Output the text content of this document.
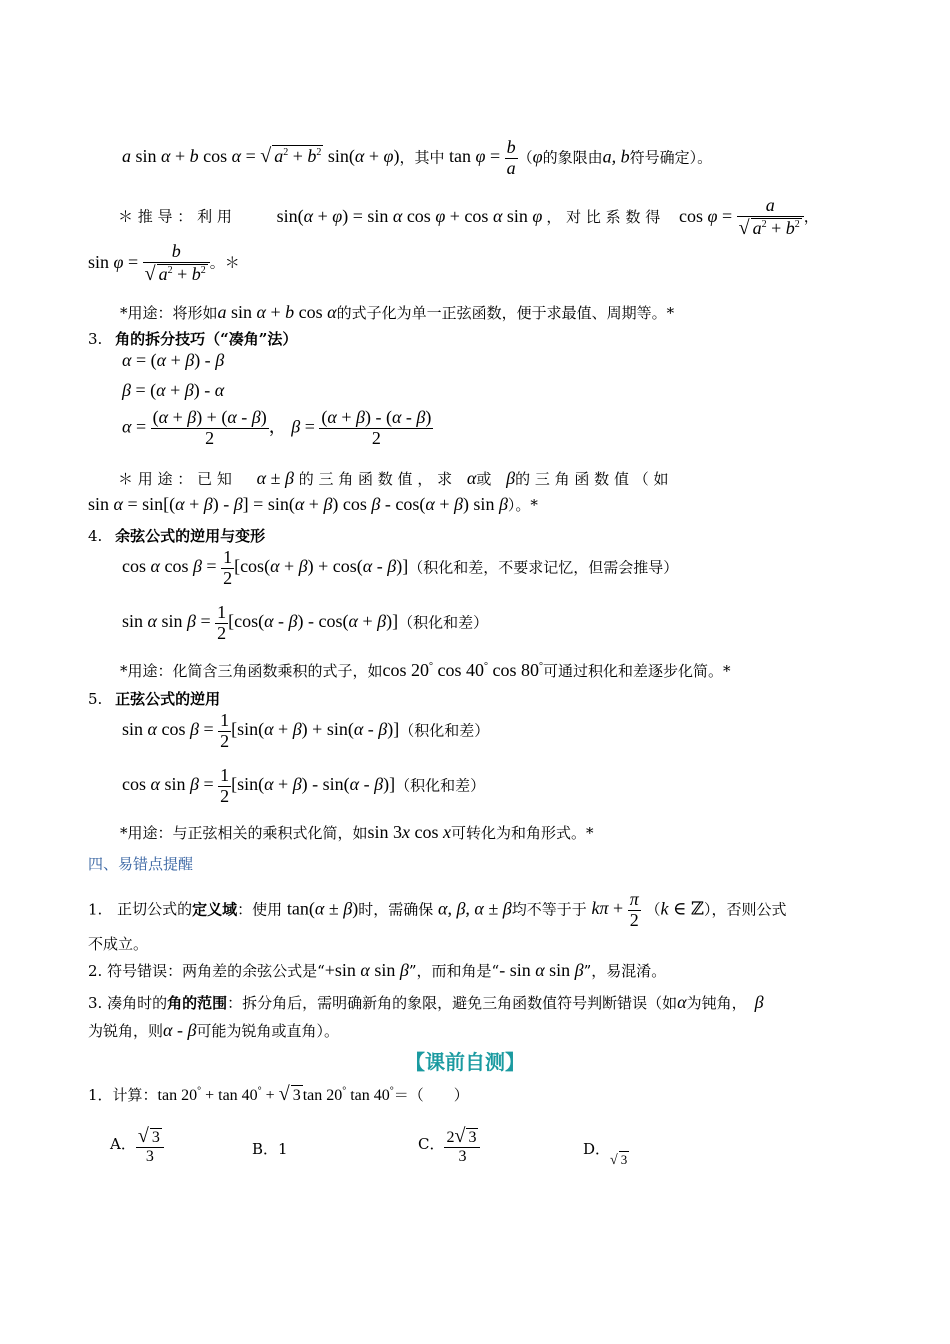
a sin α + b cos α = √ $a^2 + b^2$ sin(α + φ)，其中 $\tan \varphi = \frac{b}{a} (\varphi$的象限由a, b符号确定）。
＊ 推 导 ： 利 用 sin(α + φ) = sin α cos φ + cos α sin φ ， 对 比 系 数 得 $\cos \varphi = \frac{a}{√ a^2 + b^2}$ ，
$\sin \varphi = \frac{b}{√ a^2 + b^2}$ 。＊
*用途：将形如a sin α + b cos α的式子化为单一正弦函数，便于求最值、周期等。*
3. 角的拆分技巧（“凑角”法）
α = (α + β) - β
β = (α + β) - α
$\alpha = \frac{(\alpha + \beta) + (\alpha - \beta)}{2}$ ， $\beta = \frac{(\alpha + \beta) - (\alpha - \beta)}{2}$
＊ 用 途 ： 已 知 α ± β 的 三 角 函 数 值 ， 求 α或 β的 三 角 函 数 值 （ 如
sin α = sin[(α + β) - β] = sin(α + β) cos β - cos(α + β) sin β）。*
4. 余弦公式的逆用与变形
cos α $\cos \beta = \frac{1}{2} [\cos(\alpha + \beta) + \cos(\alpha - \beta)]$（积化和差，不要求记忆，但需会推导）
sin α $\sin \beta = \frac{1}{2} [\cos(\alpha - \beta) - \cos(\alpha + \beta)]$（积化和差）
*用途：化简含三角函数乘积的式子，如cos 20° cos 40° cos 80°可通过积化和差逐步化简。*
5. 正弦公式的逆用
sin α $\cos \beta = \frac{1}{2} [\sin(\alpha + \beta) + \sin(\alpha - \beta)]$（积化和差）
cos α $\sin \beta = \frac{1}{2} [\sin(\alpha + \beta) - \sin(\alpha - \beta)]$（积化和差）
*用途：与正弦相关的乘积式化简，如sin 3x cos x可转化为和角形式。*
四、易错点提醒
1. 正切公式的定义域：使用 tan(α ± β)时，需确保 α, β, α ± β均不等于于 $k\pi + \frac{\pi}{2} (k$ ∈ ℤ），否则公式
不成立。
2. 符号错误：两角差的余弦公式是“+sin α sin β”，而和角是“- sin α sin β”，易混淆。
3. 凑角时的角的范围：拆分角后，需明确新角的象限，避免三角函数值符号判断错误（如α为钝角， β
为锐角，则α - β可能为锐角或直角）。
【课前自测】
1．计算：tan 20° + tan 40° + √ 3 tan 20° tan 40°＝（　　）
A． $\frac{√ 3}{3}$	B．1	C． $\frac{2√ 3}{3}$	D．√ 3
